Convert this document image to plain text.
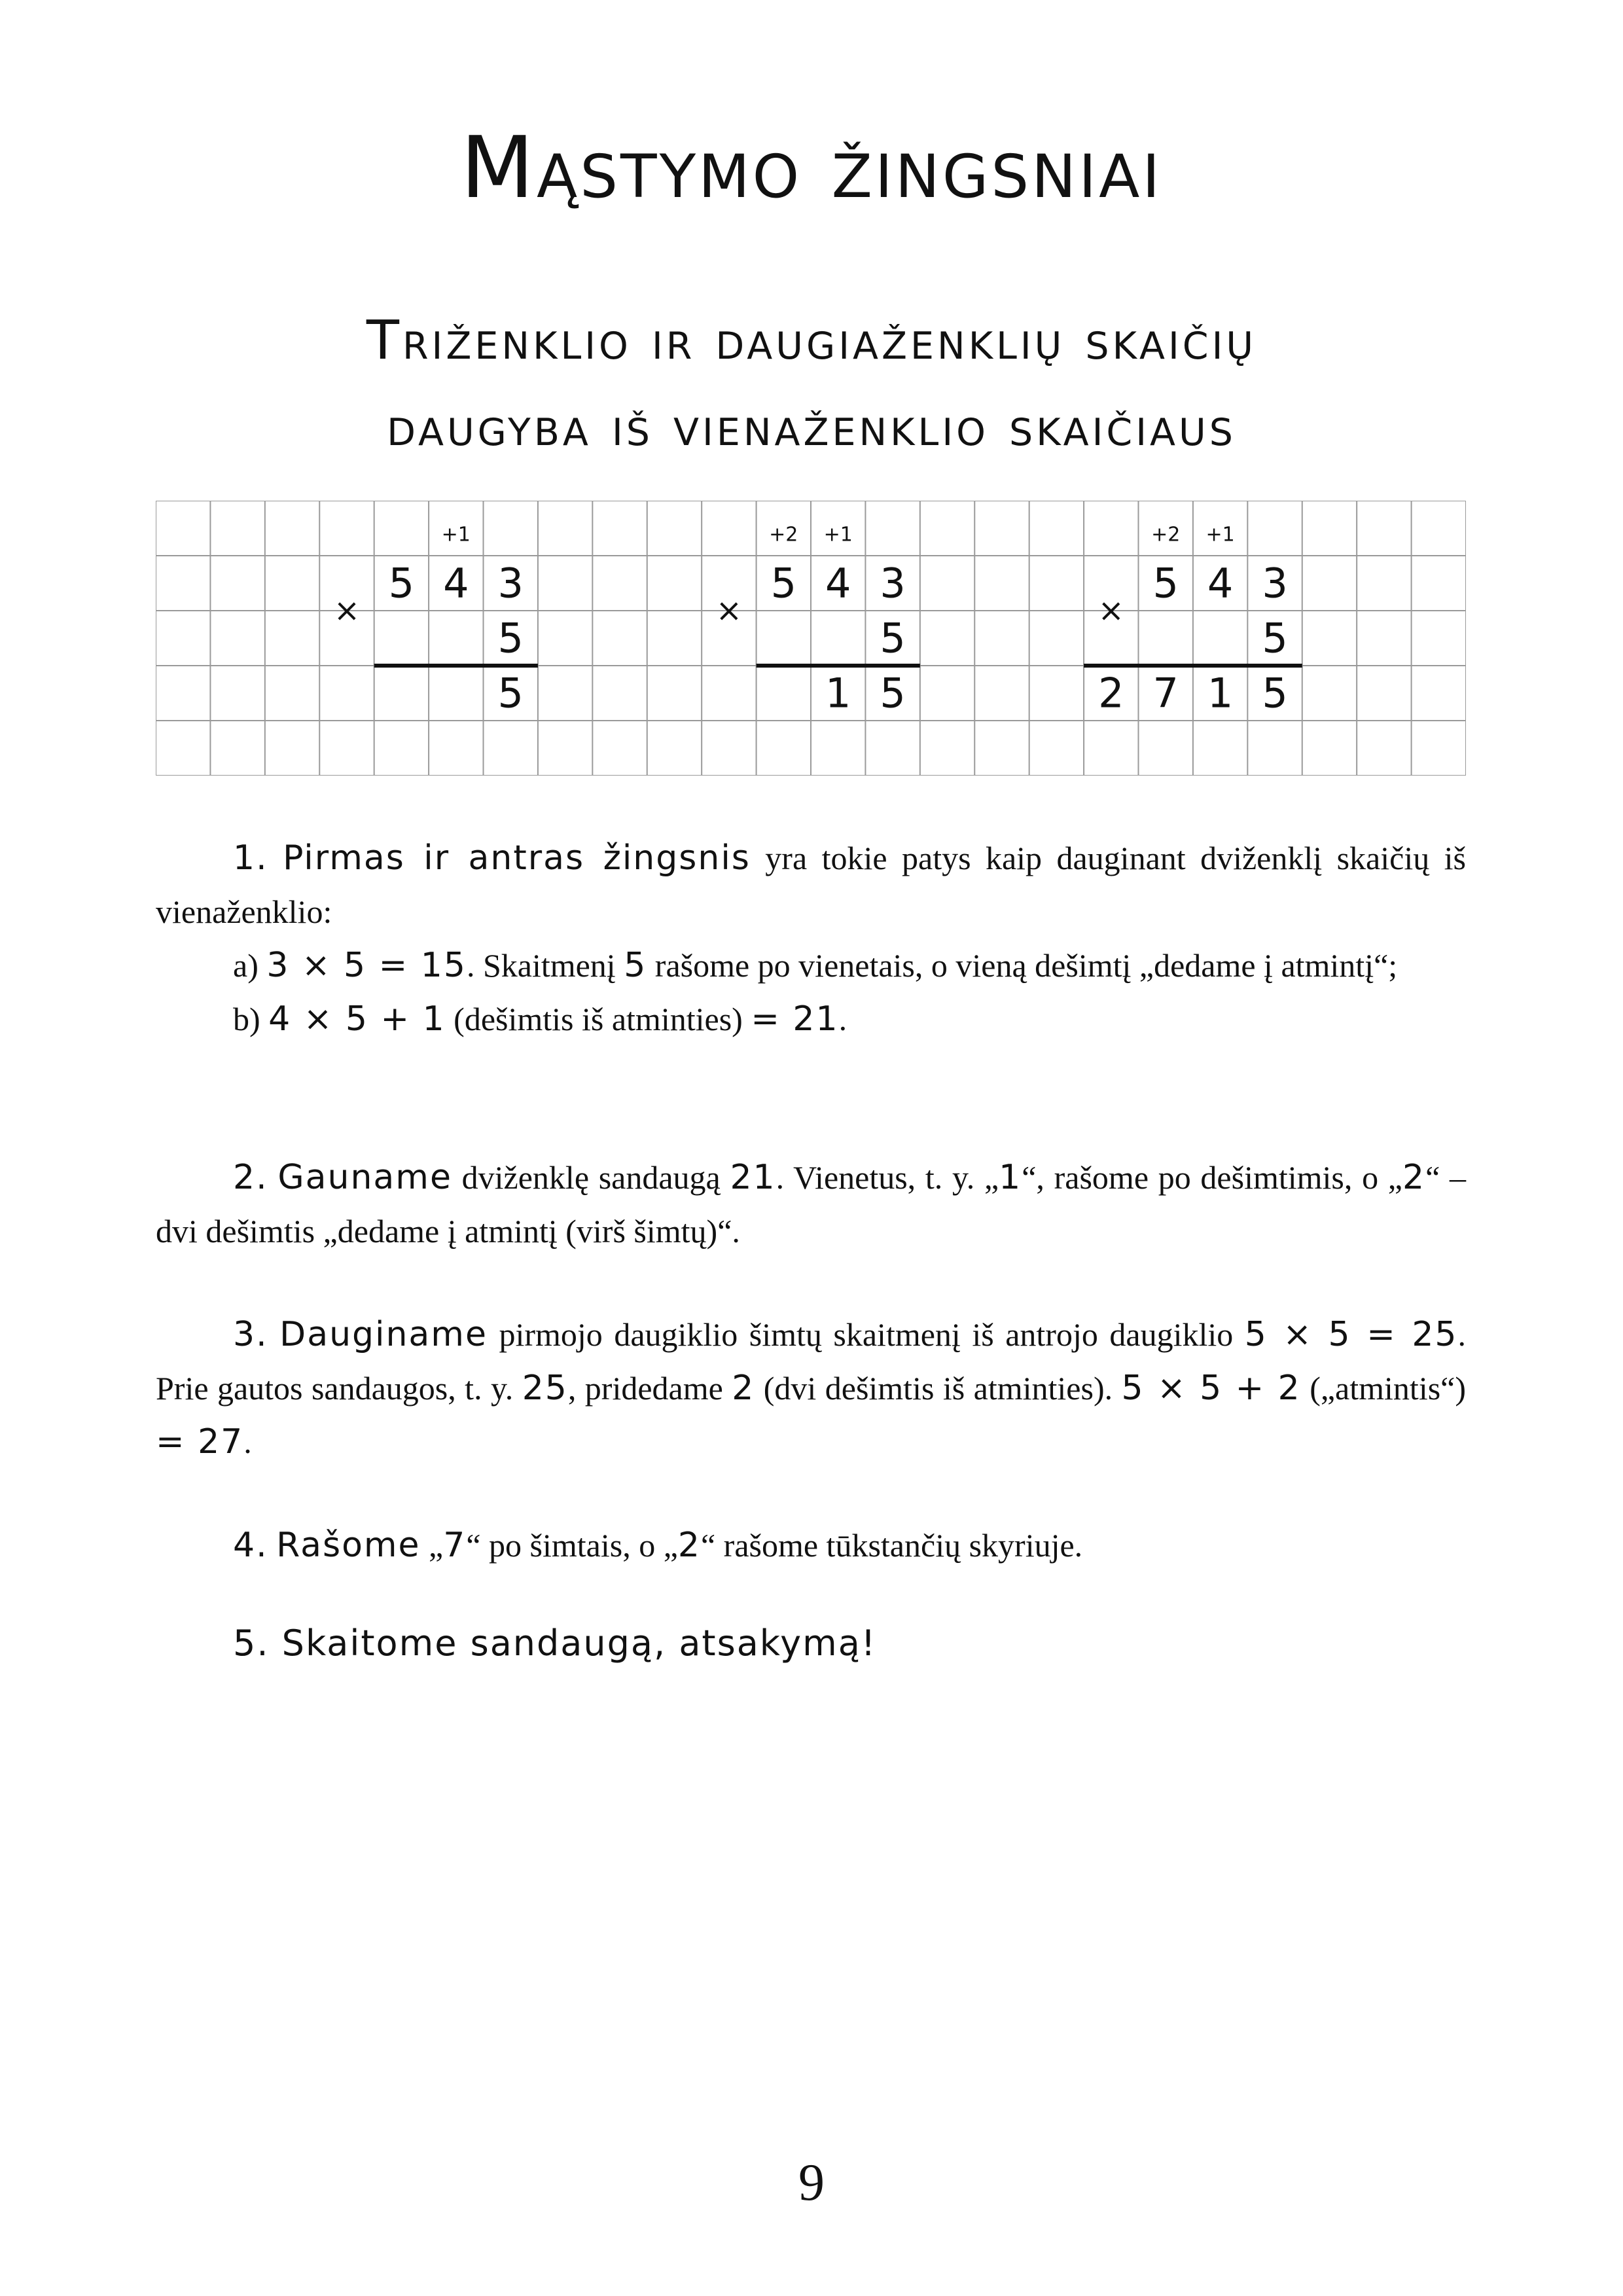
Mąstymo žingsniai
Triženklio ir daugiaženklių skaičių
daugyba iš vienaženklio skaičiaus
+1
5 4 3
5
×
5
+2 +1
5 4 3
5
×
1 5
+2 +1
5 4 3
5
×
2 7 1 5

1. Pirmas ir antras žingsnis yra tokie patys kaip dauginant dviženklį skaičių iš vienaženklio:

a) 3 × 5 = 15. Skaitmenį 5 rašome po vienetais, o vieną dešimtį „dedame į atmintį“;

b) 4 × 5 + 1 (dešimtis iš atminties) = 21.

2. Gauname dviženklę sandaugą 21. Vienetus, t. y. „1“, rašome po dešimtimis, o „2“ – dvi dešimtis „dedame į atmintį (virš šimtų)“.

3. Dauginame pirmojo daugiklio šimtų skaitmenį iš antrojo daugiklio 5 × 5 = 25. Prie gautos sandaugos, t. y. 25, pridedame 2 (dvi dešimtis iš atminties). 5 × 5 + 2 („atmintis“) = 27.

4. Rašome „7“ po šimtais, o „2“ rašome tūkstančių skyriuje.

5. Skaitome sandaugą, atsakymą!

9
